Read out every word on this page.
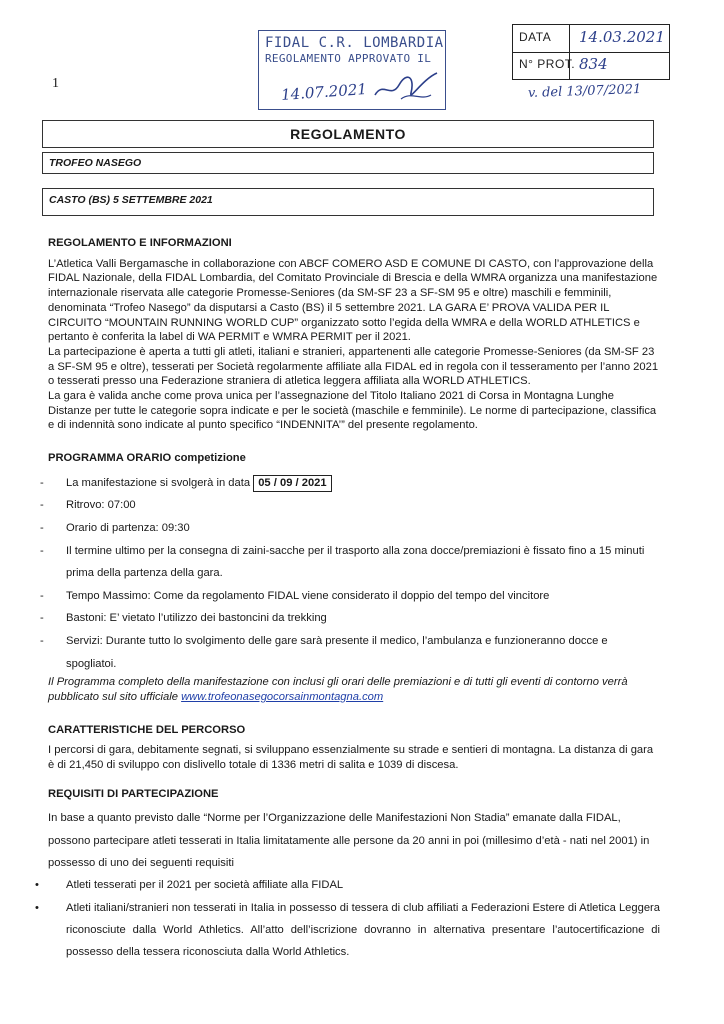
FIDAL C.R. LOMBARDIA
REGOLAMENTO APPROVATO IL
14.07.2021
DATA 14.03.2021
N° PROT. 834
v. del 13/07/2021
1
REGOLAMENTO
TROFEO NASEGO
CASTO (BS) 5 SETTEMBRE 2021
REGOLAMENTO E INFORMAZIONI

L’Atletica Valli Bergamasche in collaborazione con ABCF COMERO ASD E COMUNE DI CASTO, con l’approvazione della FIDAL Nazionale, della FIDAL Lombardia, del Comitato Provinciale di Brescia e della WMRA organizza una manifestazione internazionale riservata alle categorie Promesse-Seniores (da SM-SF 23 a SF-SM 95 e oltre) maschili e femminili, denominata “Trofeo Nasego” da disputarsi a Casto (BS) il 5 settembre 2021. LA GARA E’ PROVA VALIDA PER IL CIRCUITO “MOUNTAIN RUNNING WORLD CUP” organizzato sotto l’egida della WMRA e della WORLD ATHLETICS e pertanto è conferita la label di WA PERMIT e WMRA PERMIT per il 2021.

La partecipazione è aperta a tutti gli atleti, italiani e stranieri, appartenenti alle categorie Promesse-Seniores (da SM-SF 23 a SF-SM 95 e oltre), tesserati per Società regolarmente affiliate alla FIDAL ed in regola con il tesseramento per l’anno 2021 o tesserati presso una Federazione straniera di atletica leggera affiliata alla WORLD ATHLETICS.

La gara è valida anche come prova unica per l’assegnazione del Titolo Italiano 2021 di Corsa in Montagna Lunghe Distanze per tutte le categorie sopra indicate e per le società (maschile e femminile). Le norme di partecipazione, classifica e di indennità sono indicate al punto specifico “INDENNITA’” del presente regolamento.

PROGRAMMA ORARIO competizione
- La manifestazione si svolgerà in data 05 / 09 / 2021
- Ritrovo: 07:00
- Orario di partenza: 09:30
- Il termine ultimo per la consegna di zaini-sacche per il trasporto alla zona docce/premiazioni è fissato fino a 15 minuti prima della partenza della gara.
- Tempo Massimo: Come da regolamento FIDAL viene considerato il doppio del tempo del vincitore
- Bastoni: E’ vietato l’utilizzo dei bastoncini da trekking
- Servizi: Durante tutto lo svolgimento delle gare sarà presente il medico, l’ambulanza e funzioneranno docce e spogliatoi.

Il Programma completo della manifestazione con inclusi gli orari delle premiazioni e di tutti gli eventi di contorno verrà pubblicato sul sito ufficiale www.trofeonasegocorsainmontagna.com

CARATTERISTICHE DEL PERCORSO

I percorsi di gara, debitamente segnati, si sviluppano essenzialmente su strade e sentieri di montagna. La distanza di gara è di 21,450 di sviluppo con dislivello totale di 1336 metri di salita e 1039 di discesa.

REQUISITI DI PARTECIPAZIONE

In base a quanto previsto dalle “Norme per l’Organizzazione delle Manifestazioni Non Stadia” emanate dalla FIDAL, possono partecipare atleti tesserati in Italia limitatamente alle persone da 20 anni in poi (millesimo d’età - nati nel 2001) in possesso di uno dei seguenti requisiti

• Atleti tesserati per il 2021 per società affiliate alla FIDAL
• Atleti italiani/stranieri non tesserati in Italia in possesso di tessera di club affiliati a Federazioni Estere di Atletica Leggera riconosciute dalla World Athletics. All’atto dell’iscrizione dovranno in alternativa presentare l’autocertificazione di possesso della tessera riconosciuta dalla World Athletics.
